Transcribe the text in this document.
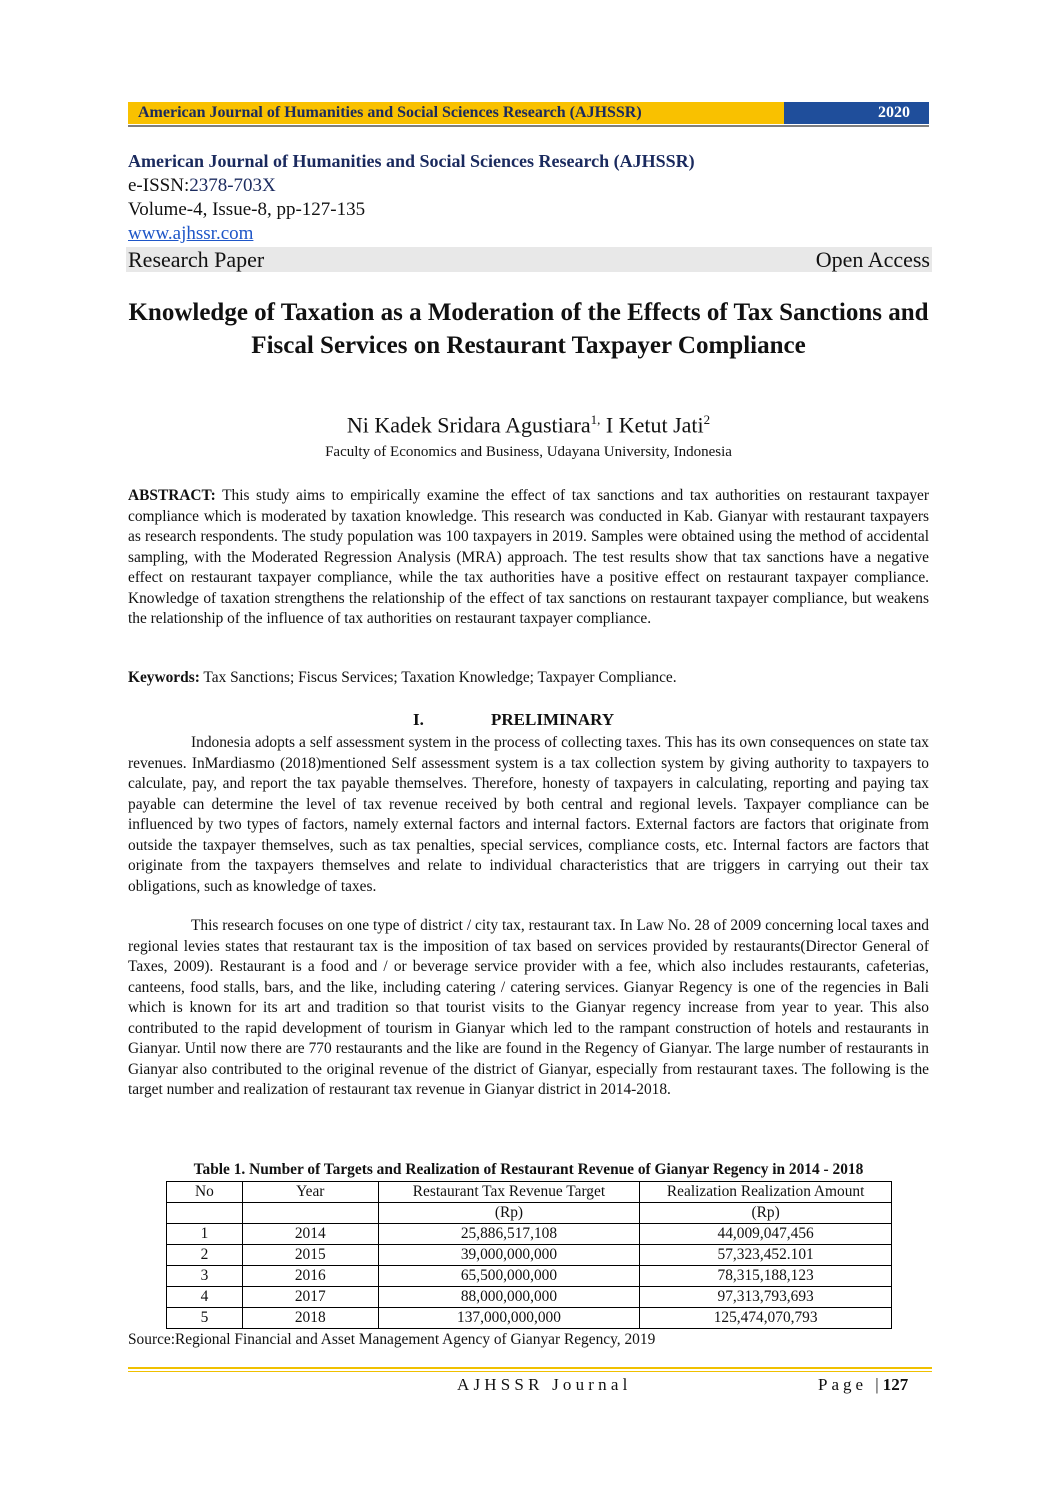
American Journal of Humanities and Social Sciences Research (AJHSSR)	2020
American Journal of Humanities and Social Sciences Research (AJHSSR)
e-ISSN:2378-703X
Volume-4, Issue-8, pp-127-135
www.ajhssr.com
Research Paper	Open Access
Knowledge of Taxation as a Moderation of the Effects of Tax Sanctions and Fiscal Services on Restaurant Taxpayer Compliance
Ni Kadek Sridara Agustiara$^{1,}$ I Ketut Jati$^2$
Faculty of Economics and Business, Udayana University, Indonesia
ABSTRACT: This study aims to empirically examine the effect of tax sanctions and tax authorities on restaurant taxpayer compliance which is moderated by taxation knowledge. This research was conducted in Kab. Gianyar with restaurant taxpayers as research respondents. The study population was 100 taxpayers in 2019. Samples were obtained using the method of accidental sampling, with the Moderated Regression Analysis (MRA) approach. The test results show that tax sanctions have a negative effect on restaurant taxpayer compliance, while the tax authorities have a positive effect on restaurant taxpayer compliance. Knowledge of taxation strengthens the relationship of the effect of tax sanctions on restaurant taxpayer compliance, but weakens the relationship of the influence of tax authorities on restaurant taxpayer compliance.
Keywords: Tax Sanctions; Fiscus Services; Taxation Knowledge; Taxpayer Compliance.
I.	PRELIMINARY
Indonesia adopts a self assessment system in the process of collecting taxes. This has its own consequences on state tax revenues. InMardiasmo (2018)mentioned Self assessment system is a tax collection system by giving authority to taxpayers to calculate, pay, and report the tax payable themselves. Therefore, honesty of taxpayers in calculating, reporting and paying tax payable can determine the level of tax revenue received by both central and regional levels. Taxpayer compliance can be influenced by two types of factors, namely external factors and internal factors. External factors are factors that originate from outside the taxpayer themselves, such as tax penalties, special services, compliance costs, etc. Internal factors are factors that originate from the taxpayers themselves and relate to individual characteristics that are triggers in carrying out their tax obligations, such as knowledge of taxes.
This research focuses on one type of district / city tax, restaurant tax. In Law No. 28 of 2009 concerning local taxes and regional levies states that restaurant tax is the imposition of tax based on services provided by restaurants(Director General of Taxes, 2009). Restaurant is a food and / or beverage service provider with a fee, which also includes restaurants, cafeterias, canteens, food stalls, bars, and the like, including catering / catering services. Gianyar Regency is one of the regencies in Bali which is known for its art and tradition so that tourist visits to the Gianyar regency increase from year to year. This also contributed to the rapid development of tourism in Gianyar which led to the rampant construction of hotels and restaurants in Gianyar. Until now there are 770 restaurants and the like are found in the Regency of Gianyar. The large number of restaurants in Gianyar also contributed to the original revenue of the district of Gianyar, especially from restaurant taxes. The following is the target number and realization of restaurant tax revenue in Gianyar district in 2014-2018.
Table 1. Number of Targets and Realization of Restaurant Revenue of Gianyar Regency in 2014 - 2018
No	Year	Restaurant Tax Revenue Target	Realization Realization Amount
		(Rp)	(Rp)
1	2014	25,886,517,108	44,009,047,456
2	2015	39,000,000,000	57,323,452.101
3	2016	65,500,000,000	78,315,188,123
4	2017	88,000,000,000	97,313,793,693
5	2018	137,000,000,000	125,474,070,793
Source:Regional Financial and Asset Management Agency of Gianyar Regency, 2019
AJHSSR Journal	Page |127
